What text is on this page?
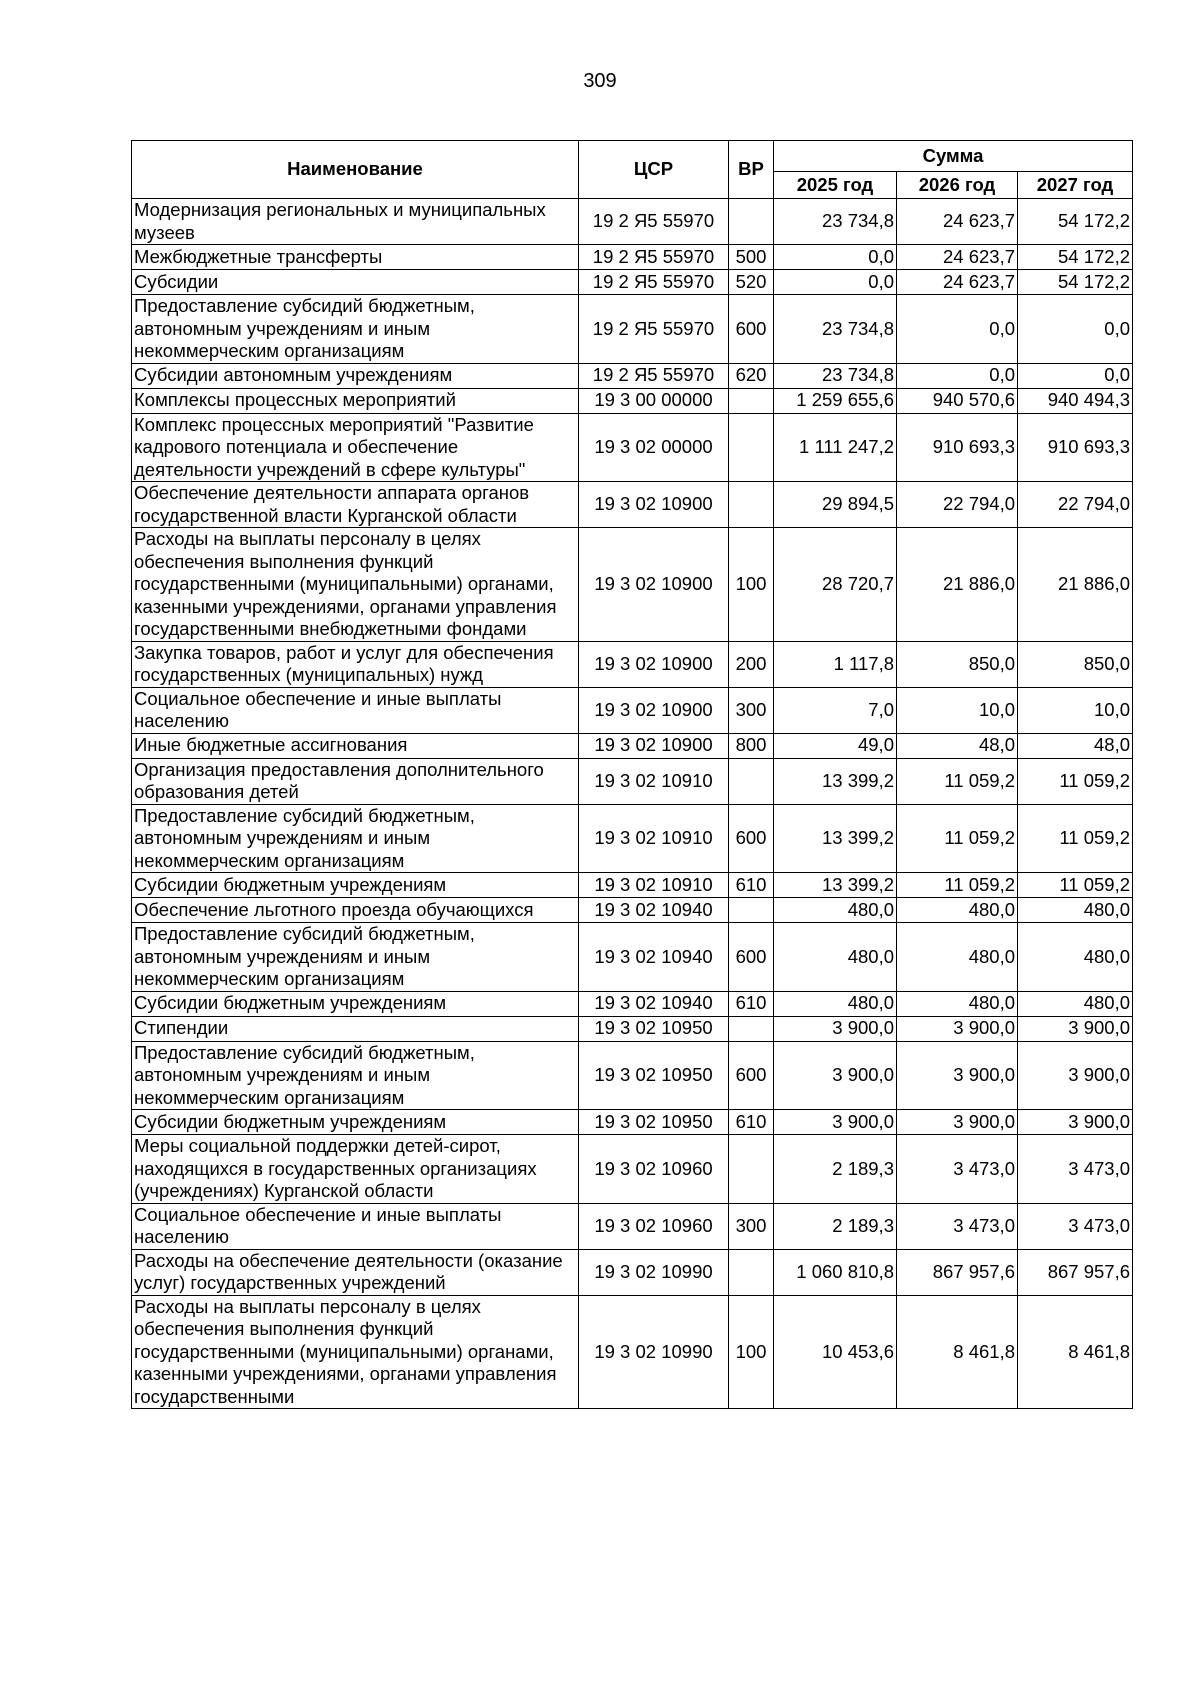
309
Наименование	ЦСР	ВР	Сумма		
			2025 год	2026 год	2027 год
Модернизация региональных и муниципальных музеев	19 2 Я5 55970		23 734,8	24 623,7	54 172,2
Межбюджетные трансферты	19 2 Я5 55970	500	0,0	24 623,7	54 172,2
Субсидии	19 2 Я5 55970	520	0,0	24 623,7	54 172,2
Предоставление субсидий бюджетным, автономным учреждениям и иным некоммерческим организациям	19 2 Я5 55970	600	23 734,8	0,0	0,0
Субсидии автономным учреждениям	19 2 Я5 55970	620	23 734,8	0,0	0,0
Комплексы процессных мероприятий	19 3 00 00000		1 259 655,6	940 570,6	940 494,3
Комплекс процессных мероприятий "Развитие кадрового потенциала и обеспечение деятельности учреждений в сфере культуры"	19 3 02 00000		1 111 247,2	910 693,3	910 693,3
Обеспечение деятельности аппарата органов государственной власти Курганской области	19 3 02 10900		29 894,5	22 794,0	22 794,0
Расходы на выплаты персоналу в целях обеспечения выполнения функций государственными (муниципальными) органами, казенными учреждениями, органами управления государственными внебюджетными фондами	19 3 02 10900	100	28 720,7	21 886,0	21 886,0
Закупка товаров, работ и услуг для обеспечения государственных (муниципальных) нужд	19 3 02 10900	200	1 117,8	850,0	850,0
Социальное обеспечение и иные выплаты населению	19 3 02 10900	300	7,0	10,0	10,0
Иные бюджетные ассигнования	19 3 02 10900	800	49,0	48,0	48,0
Организация предоставления дополнительного образования детей	19 3 02 10910		13 399,2	11 059,2	11 059,2
Предоставление субсидий бюджетным, автономным учреждениям и иным некоммерческим организациям	19 3 02 10910	600	13 399,2	11 059,2	11 059,2
Субсидии бюджетным учреждениям	19 3 02 10910	610	13 399,2	11 059,2	11 059,2
Обеспечение льготного проезда обучающихся	19 3 02 10940		480,0	480,0	480,0
Предоставление субсидий бюджетным, автономным учреждениям и иным некоммерческим организациям	19 3 02 10940	600	480,0	480,0	480,0
Субсидии бюджетным учреждениям	19 3 02 10940	610	480,0	480,0	480,0
Стипендии	19 3 02 10950		3 900,0	3 900,0	3 900,0
Предоставление субсидий бюджетным, автономным учреждениям и иным некоммерческим организациям	19 3 02 10950	600	3 900,0	3 900,0	3 900,0
Субсидии бюджетным учреждениям	19 3 02 10950	610	3 900,0	3 900,0	3 900,0
Меры социальной поддержки детей-сирот, находящихся в государственных организациях (учреждениях) Курганской области	19 3 02 10960		2 189,3	3 473,0	3 473,0
Социальное обеспечение и иные выплаты населению	19 3 02 10960	300	2 189,3	3 473,0	3 473,0
Расходы на обеспечение деятельности (оказание услуг) государственных учреждений	19 3 02 10990		1 060 810,8	867 957,6	867 957,6
Расходы на выплаты персоналу в целях обеспечения выполнения функций государственными (муниципальными) органами, казенными учреждениями, органами управления государственными	19 3 02 10990	100	10 453,6	8 461,8	8 461,8
